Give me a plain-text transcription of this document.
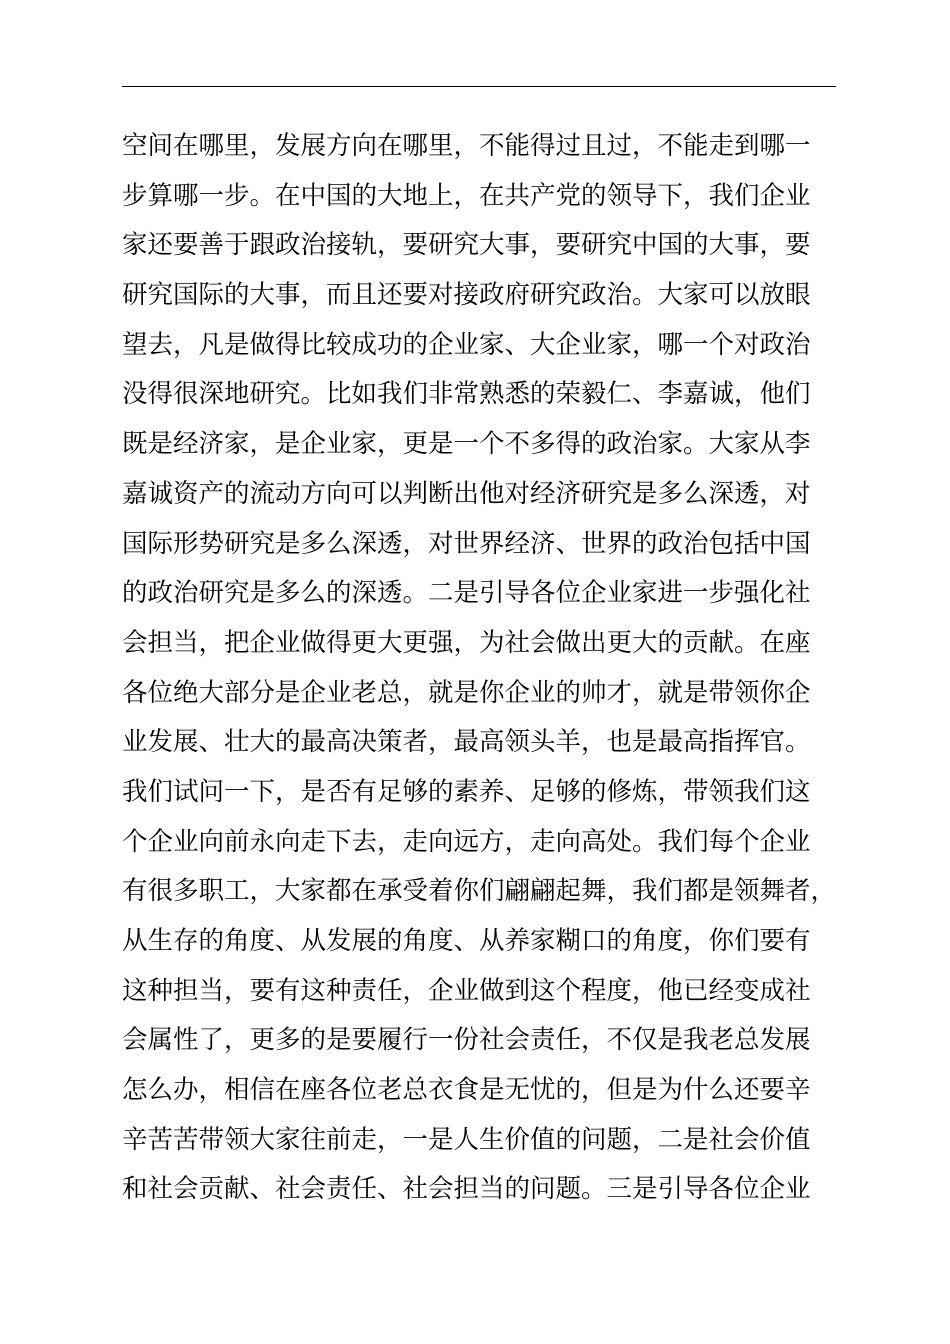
空间在哪里，发展方向在哪里，不能得过且过，不能走到哪一
步算哪一步。在中国的大地上，在共产党的领导下，我们企业
家还要善于跟政治接轨，要研究大事，要研究中国的大事，要
研究国际的大事，而且还要对接政府研究政治。大家可以放眼
望去，凡是做得比较成功的企业家、大企业家，哪一个对政治
没得很深地研究。比如我们非常熟悉的荣毅仁、李嘉诚，他们
既是经济家，是企业家，更是一个不多得的政治家。大家从李
嘉诚资产的流动方向可以判断出他对经济研究是多么深透，对
国际形势研究是多么深透，对世界经济、世界的政治包括中国
的政治研究是多么的深透。二是引导各位企业家进一步强化社
会担当，把企业做得更大更强，为社会做出更大的贡献。在座
各位绝大部分是企业老总，就是你企业的帅才，就是带领你企
业发展、壮大的最高决策者，最高领头羊，也是最高指挥官。
我们试问一下，是否有足够的素养、足够的修炼，带领我们这
个企业向前永向走下去，走向远方，走向高处。我们每个企业
有很多职工，大家都在承受着你们翩翩起舞，我们都是领舞者，
从生存的角度、从发展的角度、从养家糊口的角度，你们要有
这种担当，要有这种责任，企业做到这个程度，他已经变成社
会属性了，更多的是要履行一份社会责任，不仅是我老总发展
怎么办，相信在座各位老总衣食是无忧的，但是为什么还要辛
辛苦苦带领大家往前走，一是人生价值的问题，二是社会价值
和社会贡献、社会责任、社会担当的问题。三是引导各位企业
